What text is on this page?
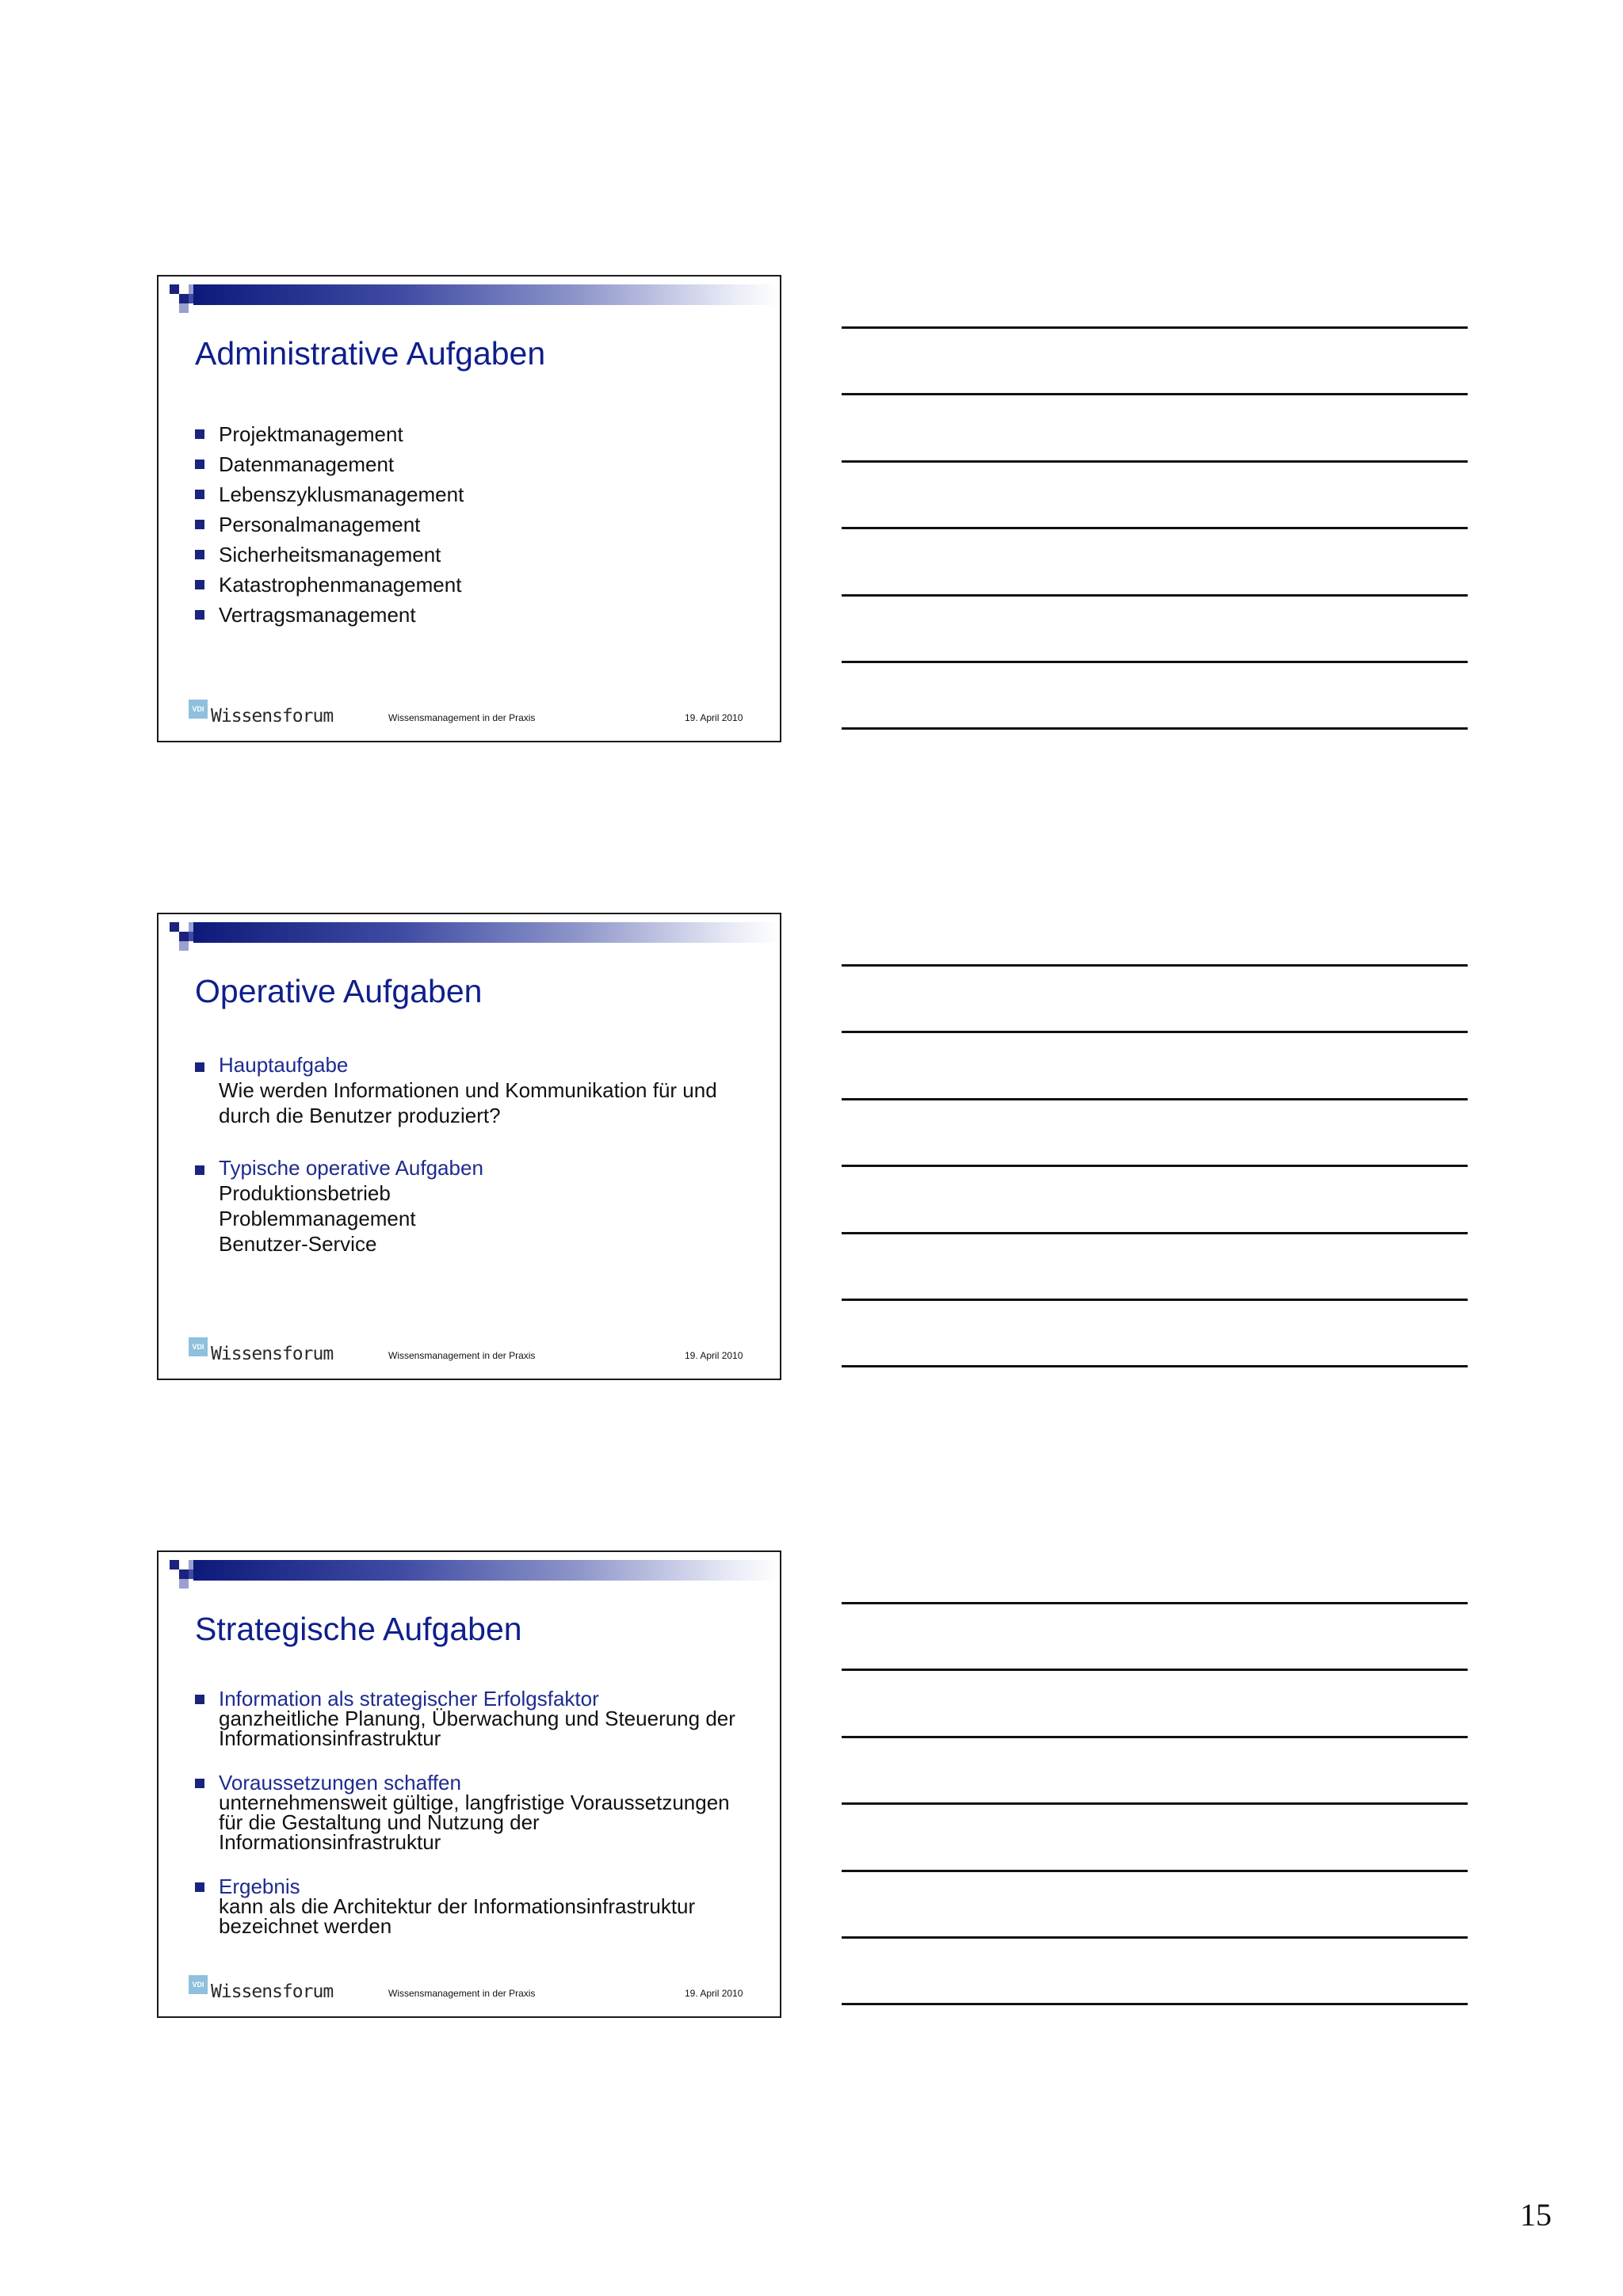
Administrative Aufgaben
Projektmanagement
Datenmanagement
Lebenszyklusmanagement
Personalmanagement
Sicherheitsmanagement
Katastrophenmanagement
Vertragsmanagement
VDI Wissensforum	Wissensmanagement in der Praxis	19. April 2010
Operative Aufgaben
Hauptaufgabe
Wie werden Informationen und Kommunikation für und
durch die Benutzer produziert?
Typische operative Aufgaben
Produktionsbetrieb
Problemmanagement
Benutzer-Service
VDI Wissensforum	Wissensmanagement in der Praxis	19. April 2010
Strategische Aufgaben
Information als strategischer Erfolgsfaktor
ganzheitliche Planung, Überwachung und Steuerung der
Informationsinfrastruktur
Voraussetzungen schaffen
unternehmensweit gültige, langfristige Voraussetzungen
für die Gestaltung und Nutzung der
Informationsinfrastruktur
Ergebnis
kann als die Architektur der Informationsinfrastruktur
bezeichnet werden
VDI Wissensforum	Wissensmanagement in der Praxis	19. April 2010
15
